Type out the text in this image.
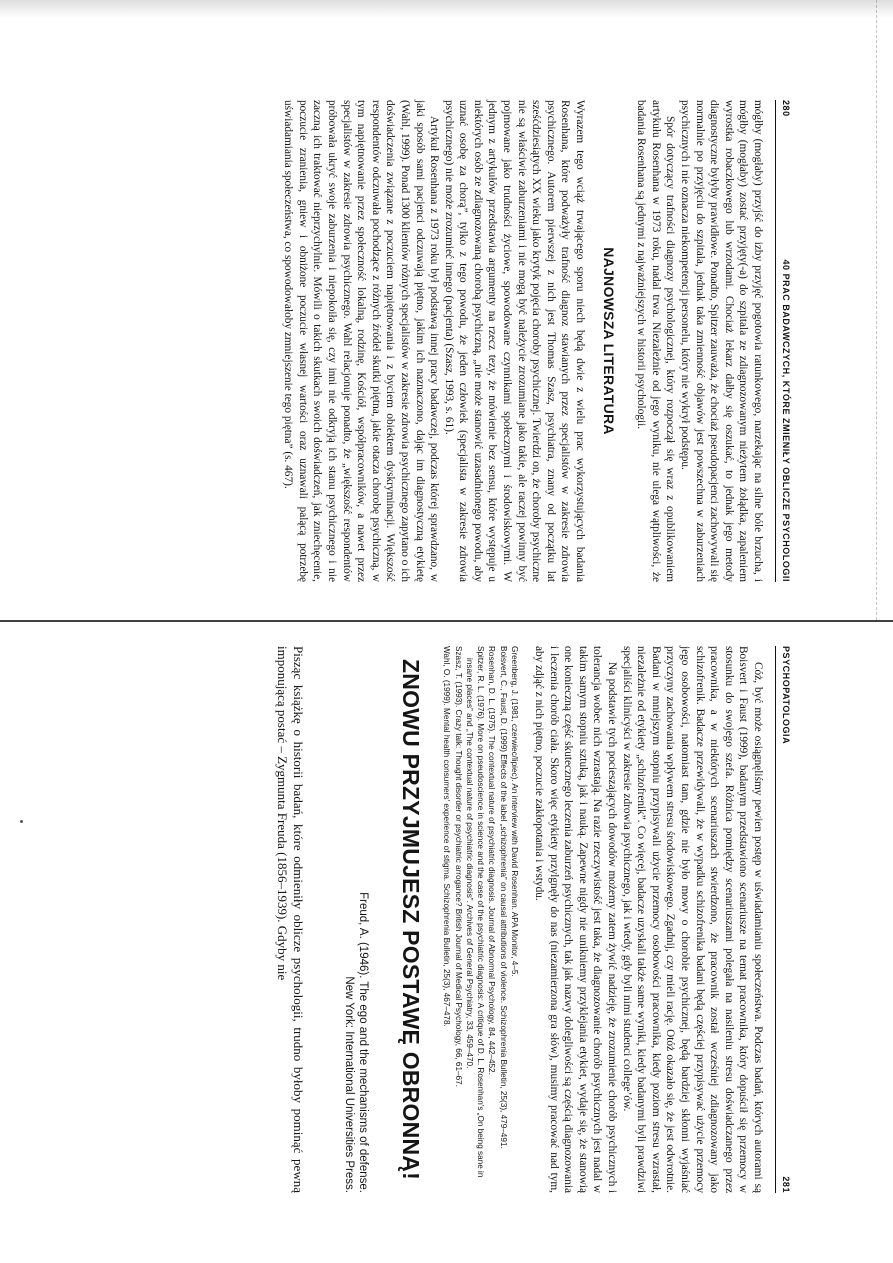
280
40 PRAC BADAWCZYCH, KTÓRE ZMIENIŁY OBLICZE PSYCHOLOGII

mógłby (mogłaby) przyjść do izby przyjęć pogotowia ratunkowego, narzekając na silne bóle brzucha, i mógłby (mogłaby) zostać przyjęty(-a) do szpitala ze zdiagnozowanym nieżytem żołądka, zapaleniem wyrostka robaczkowego lub wrzodami. Chociaż lekarz dałby się oszukać, to jednak jego metody diagnostyczne byłyby prawidłowe. Ponadto, Spitzer zauważa, że chociaż pseudopacjenci zachowywali się normalnie po przyjęciu do szpitala, jednak taka zmienność objawów jest powszechna w zaburzeniach psychicznych i nie oznacza niekompetencji personelu, który nie wykrył podstępu.

Spór dotyczący trafności diagnozy psychologicznej, który rozpoczął się wraz z opublikowaniem artykułu Rosenhana w 1973 roku, nadal trwa. Niezależnie od jego wyniku, nie ulega wątpliwości, że badania Rosenhana są jednymi z najważniejszych w historii psychologii.

NAJNOWSZA LITERATURA

Wyrazem tego wciąż trwającego sporu niech będą dwie z wielu prac wykorzystujących badania Rosenhana, które podważyły trafność diagnoz stawianych przez specjalistów w zakresie zdrowia psychicznego. Autorem pierwszej z nich jest Thomas Szasz, psychiatra, znany od początku lat sześćdziesiątych XX wieku jako krytyk pojęcia choroby psychicznej. Twierdzi on, że choroby psychiczne nie są właściwie zaburzeniami i nie mogą być należycie zrozumiane jako takie, ale raczej powinny być pojmowane jako trudności życiowe, spowodowane czynnikami społecznymi i środowiskowymi. W jednym z artykułów przedstawia argumenty na rzecz tezy, że mówienie bez sensu, które występuje u niektórych osób ze zdiagnozowaną chorobą psychiczną, „nie może stanowić uzasadnionego powodu, aby uznać osobę za chorą”, tylko z tego powodu, że jeden człowiek (specjalista w zakresie zdrowia psychicznego) nie może zrozumieć innego (pacjenta) (Szasz, 1993, s. 61).

Artykuł Rosenhana z 1973 roku był podstawą innej pracy badawczej, podczas której sprawdzano, w jaki sposób sami pacjenci odczuwają piętno, jakim ich naznaczono, dając im diagnostyczną etykietę (Wahl, 1999). Ponad 1300 klientów różnych specjalistów w zakresie zdrowia psychicznego zapytano o ich doświadczenia związane z poczuciem napiętnowania i z byciem obiektem dyskryminacji. Większość respondentów odczuwała pochodzące z różnych źródeł skutki piętna, jakie otacza chorobę psychiczną, w tym napiętnowanie przez społeczność lokalną, rodzinę, Kościół, współpracowników, a nawet przez specjalistów w zakresie zdrowia psychicznego. Wahl relacjonuje ponadto, że „większość respondentów próbowała ukryć swoje zaburzenia i niepokoiła się, czy inni nie odkryją ich stanu psychicznego i nie zaczną ich traktować nieprzychylnie. Mówili o takich skutkach swoich doświadczeń, jak zniechęcenie, poczucie zranienia, gniew i obniżone poczucie własnej wartości oraz uznawali palącą potrzebę uświadamiania społeczeństwa, co spowodowałoby zmniejszenie tego piętna” (s. 467).

PSYCHOPATOLOGIA
281

Cóż, być może osiągnęliśmy pewien postęp w uświadamianiu społeczeństwa. Podczas badań, których autorami są Boisvert i Faust (1999), badanym przedstawiono scenariusze na temat pracownika, który dopuścił się przemocy w stosunku do swojego szefa. Różnica pomiędzy scenariuszami polegała na nasileniu stresu doświadczanego przez pracownika, a w niektórych scenariuszach stwierdzono, że pracownik został wcześniej zdiagnozowany jako schizofrenik. Badacze przewidywali, że w wypadku schizofrenika badani będą częściej przypisywać użycie przemocy jego osobowości, natomiast tam, gdzie nie było mowy o chorobie psychicznej, będą bardziej skłonni wyjaśniać przyczyny zachowania wpływem stresu środowiskowego. Zgadnij, czy mieli rację. Otóż okazało się, że jest odwrotnie. Badani w mniejszym stopniu przypisywali użycie przemocy osobowości pracownika, kiedy poziom stresu wzrastał, niezależnie od etykiety „schizofrenik”. Co więcej, badacze uzyskali także same wyniki, kiedy badanymi byli prawdziwi specjaliści klinicyści w zakresie zdrowia psychicznego, jak i wtedy, gdy byli nimi studenci college’ów.

Na podstawie tych pocieszających dowodów możemy zatem żywić nadzieję, że zrozumienie chorób psychicznych i tolerancja wobec nich wzrastają. Na razie rzeczywistość jest taka, że diagnozowanie chorób psychicznych jest nadal w takim samym stopniu sztuką, jak i nauką. Zapewne nigdy nie unikniemy przyklejania etykiet, wydaje się, że stanowią one konieczną część skutecznego leczenia zaburzeń psychicznych, tak jak nazwy dolegliwości są częścią diagnozowania i leczenia chorób ciała. Skoro więc etykiety przylgnęły do nas (niezamierzona gra słów), musimy pracować nad tym, aby zdjąć z nich piętno, poczucie zakłopotania i wstydu.

Greenberg, J. (1981, czerwiec/lipiec). An interview with David Rosenhan. APA Monitor, 4–5.
Boisvert, C., Faust, D. (1999) Effects of the label „schizophrenia” on causal attributions of violence. Schizophrenia Bulletin, 25(3), 479–491.
Rosenhan, D. L. (1975). The contextual nature of psychiatric diagnosis. Journal of Abnormal Psychology, 84, 442–452.
Spitzer, R. L. (1976). More on pseudoscience in science and the case of the psychiatric diagnosis: A critique of D. L. Rosenhan’s „On being sane in insane places” and „The contextual nature of psychiatric diagnosis”. Archives of General Psychiatry, 33, 459–470.
Szasz, T. (1993). Crazy talk: Thought disorder or psychiatric arrogance? British Journal of Medical Psychology, 66, 61–67.
Wahl, O. (1999). Mental health consumers' experience of stigma. Schizophrenia Bulletin, 25(3), 467–478.
ZNOWU PRZYJMUJESZ POSTAWĘ OBRONNĄ!
Freud, A. (1946). The ego and the mechanisms of defense.
New York: International Universities Press.

Pisząc książkę o historii badań, które odmieniły oblicze psychologii, trudno byłoby pominąć pewną imponującą postać – Zygmunta Freuda (1856–1939). Gdyby nie
